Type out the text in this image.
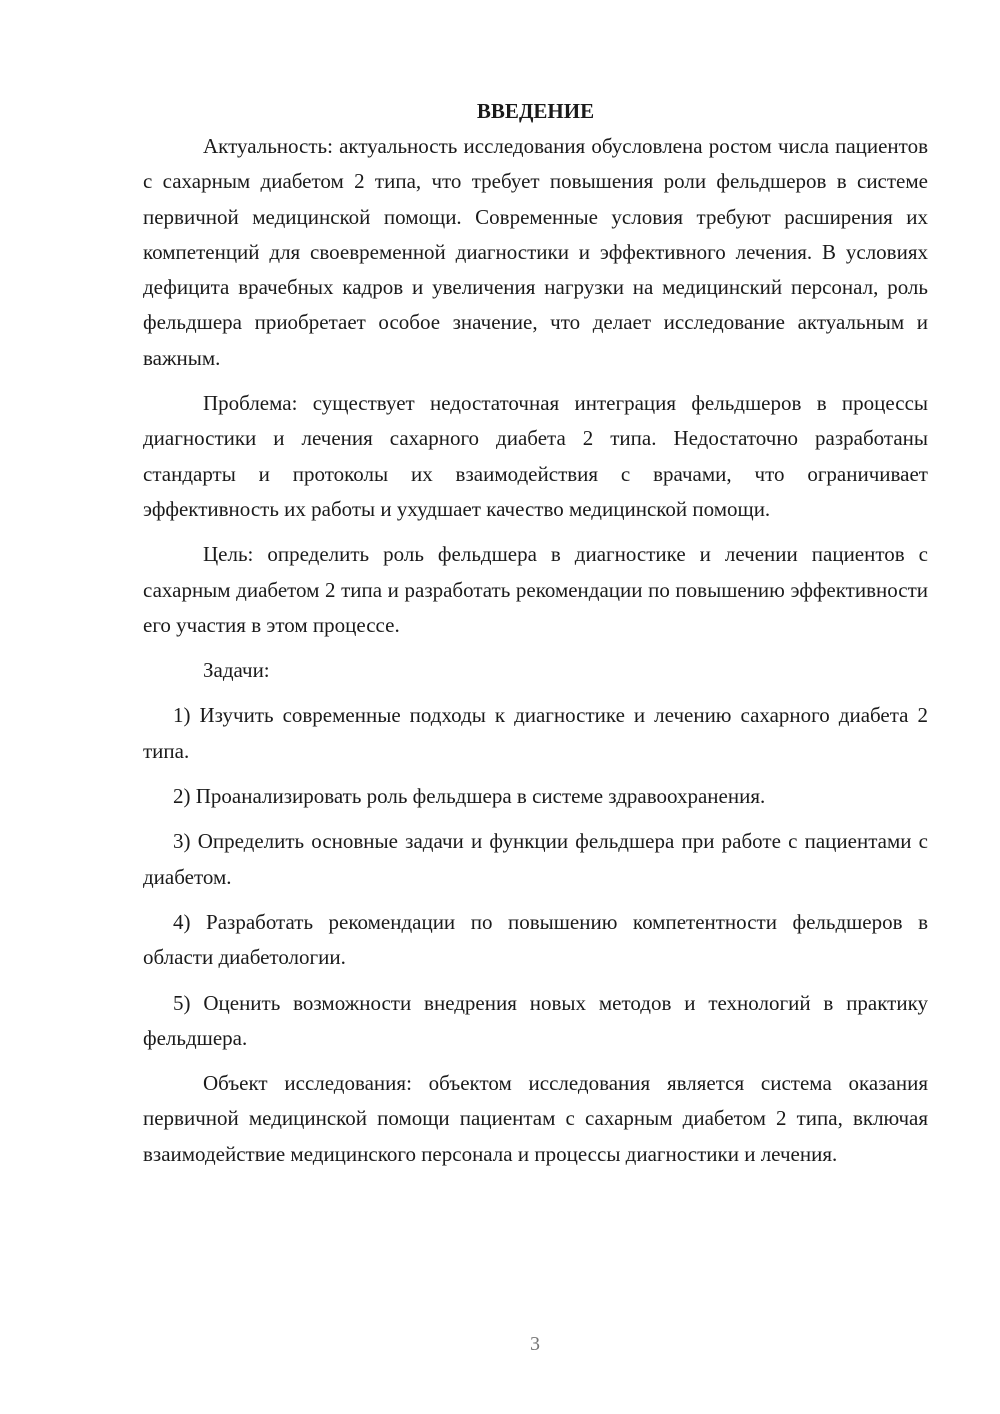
ВВЕДЕНИЕ

Актуальность: актуальность исследования обусловлена ростом числа пациентов с сахарным диабетом 2 типа, что требует повышения роли фельдшеров в системе первичной медицинской помощи. Современные условия требуют расширения их компетенций для своевременной диагностики и эффективного лечения. В условиях дефицита врачебных кадров и увеличения нагрузки на медицинский персонал, роль фельдшера приобретает особое значение, что делает исследование актуальным и важным.

Проблема: существует недостаточная интеграция фельдшеров в процессы диагностики и лечения сахарного диабета 2 типа. Недостаточно разработаны стандарты и протоколы их взаимодействия с врачами, что ограничивает эффективность их работы и ухудшает качество медицинской помощи.

Цель: определить роль фельдшера в диагностике и лечении пациентов с сахарным диабетом 2 типа и разработать рекомендации по повышению эффективности его участия в этом процессе.

Задачи:

1) Изучить современные подходы к диагностике и лечению сахарного диабета 2 типа.

2) Проанализировать роль фельдшера в системе здравоохранения.

3) Определить основные задачи и функции фельдшера при работе с пациентами с диабетом.

4) Разработать рекомендации по повышению компетентности фельдшеров в области диабетологии.

5) Оценить возможности внедрения новых методов и технологий в практику фельдшера.

Объект исследования: объектом исследования является система оказания первичной медицинской помощи пациентам с сахарным диабетом 2 типа, включая взаимодействие медицинского персонала и процессы диагностики и лечения.

3
